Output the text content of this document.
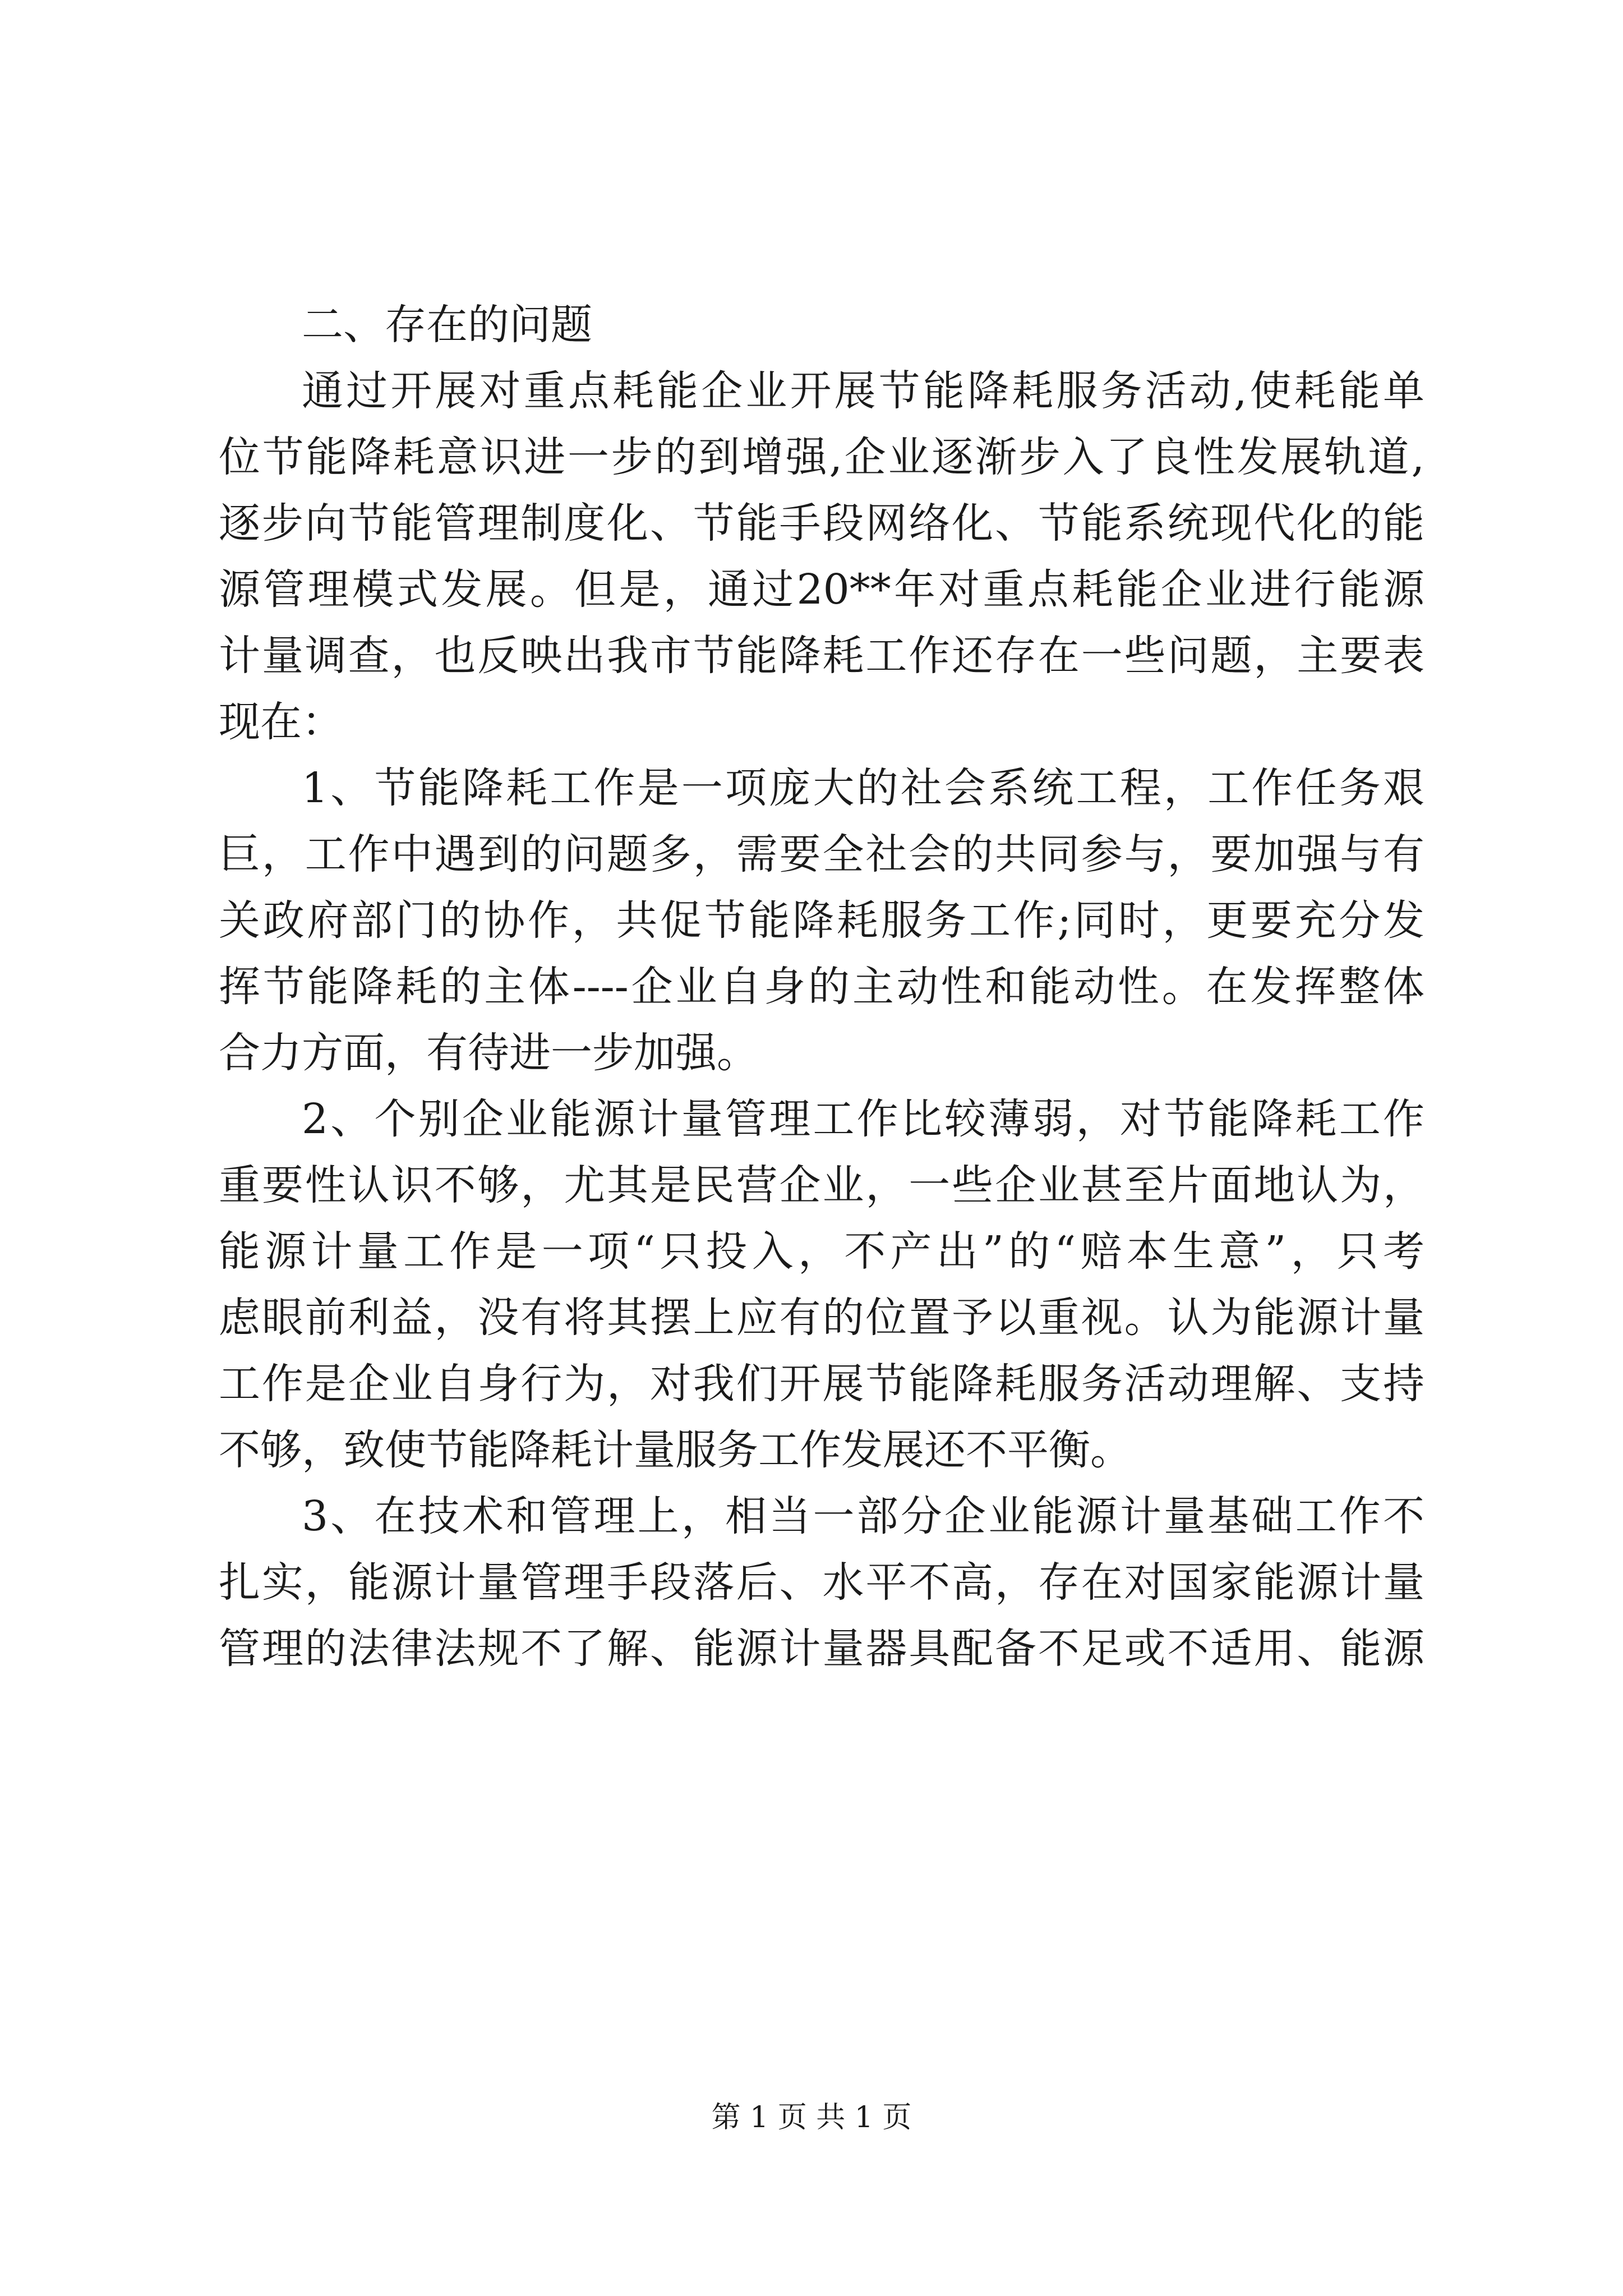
二、存在的问题
通过开展对重点耗能企业开展节能降耗服务活动,使耗能单
位节能降耗意识进一步的到增强,企业逐渐步入了良性发展轨道,
逐步向节能管理制度化、节能手段网络化、节能系统现代化的能
源管理模式发展。但是，通过20**年对重点耗能企业进行能源
计量调查，也反映出我市节能降耗工作还存在一些问题，主要表
现在：
1、节能降耗工作是一项庞大的社会系统工程，工作任务艰
巨，工作中遇到的问题多，需要全社会的共同参与，要加强与有
关政府部门的协作，共促节能降耗服务工作;同时，更要充分发
挥节能降耗的主体----企业自身的主动性和能动性。在发挥整体
合力方面，有待进一步加强。
2、个别企业能源计量管理工作比较薄弱，对节能降耗工作
重要性认识不够，尤其是民营企业，一些企业甚至片面地认为，
能源计量工作是一项“只投入，不产出”的“赔本生意”，只考
虑眼前利益，没有将其摆上应有的位置予以重视。认为能源计量
工作是企业自身行为，对我们开展节能降耗服务活动理解、支持
不够，致使节能降耗计量服务工作发展还不平衡。
3、在技术和管理上，相当一部分企业能源计量基础工作不
扎实，能源计量管理手段落后、水平不高，存在对国家能源计量
管理的法律法规不了解、能源计量器具配备不足或不适用、能源
第 1 页 共 1 页
